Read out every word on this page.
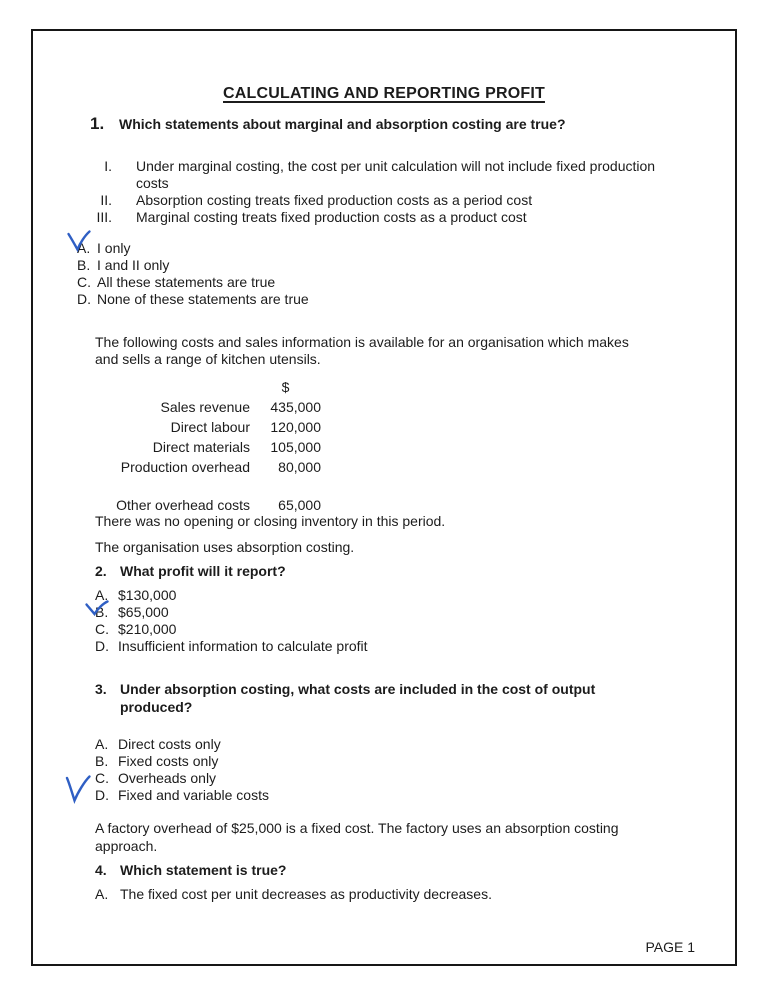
CALCULATING AND REPORTING PROFIT
1.	Which statements about marginal and absorption costing are true?
I. Under marginal costing, the cost per unit calculation will not include fixed production costs
II. Absorption costing treats fixed production costs as a period cost
III. Marginal costing treats fixed production costs as a product cost
A. I only
B. I and II only
C. All these statements are true
D. None of these statements are true
The following costs and sales information is available for an organisation which makes and sells a range of kitchen utensils.
$
Sales revenue	435,000
Direct labour	120,000
Direct materials	105,000
Production overhead	80,000
Other overhead costs	65,000
There was no opening or closing inventory in this period.
The organisation uses absorption costing.
2. What profit will it report?
A. $130,000
B. $65,000
C. $210,000
D. Insufficient information to calculate profit
3. Under absorption costing, what costs are included in the cost of output produced?
A. Direct costs only
B. Fixed costs only
C. Overheads only
D. Fixed and variable costs
A factory overhead of $25,000 is a fixed cost. The factory uses an absorption costing approach.
4. Which statement is true?
A. The fixed cost per unit decreases as productivity decreases.
PAGE 1
